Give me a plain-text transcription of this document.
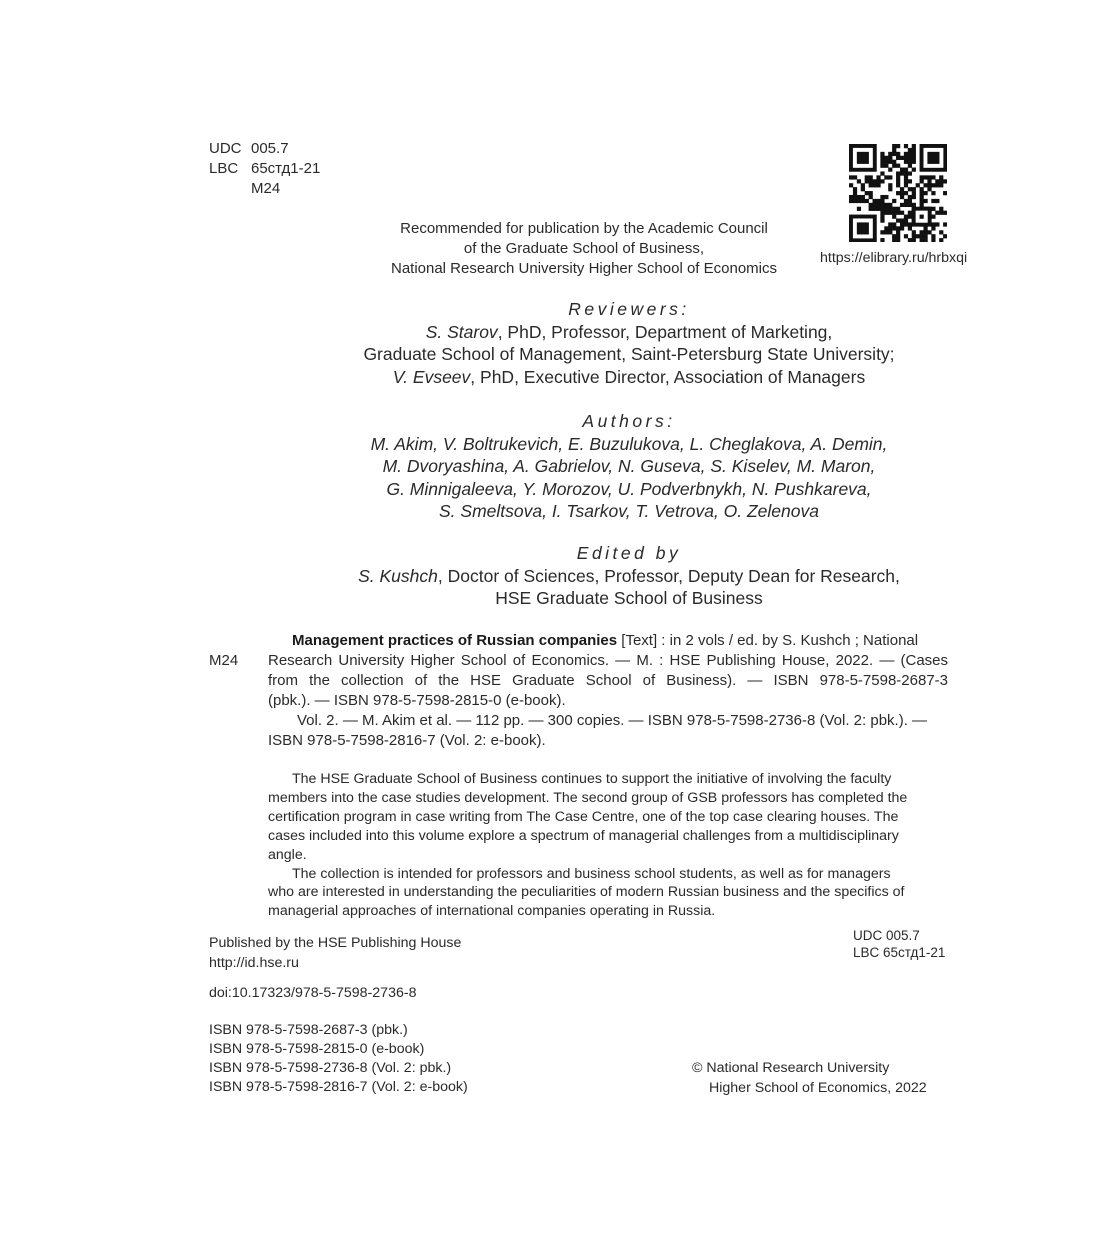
UDC 005.7
LBC 65стд1-21
M24
https://elibrary.ru/hrbxqi
Recommended for publication by the Academic Council
of the Graduate School of Business,
National Research University Higher School of Economics
Reviewers:
S. Starov, PhD, Professor, Department of Marketing,
Graduate School of Management, Saint-Petersburg State University;
V. Evseev, PhD, Executive Director, Association of Managers
Authors:
M. Akim, V. Boltrukevich, E. Buzulukova, L. Cheglakova, A. Demin,
M. Dvoryashina, A. Gabrielov, N. Guseva, S. Kiselev, M. Maron,
G. Minnigaleeva, Y. Morozov, U. Podverbnykh, N. Pushkareva,
S. Smeltsova, I. Tsarkov, T. Vetrova, O. Zelenova
Edited by
S. Kushch, Doctor of Sciences, Professor, Deputy Dean for Research,
HSE Graduate School of Business
M24
Management practices of Russian companies [Text] : in 2 vols / ed. by S. Kushch ; National
Research University Higher School of Economics. — M. : HSE Publishing House, 2022. — (Cases
from the collection of the HSE Graduate School of Business). — ISBN 978-5-7598-2687-3
(pbk.). — ISBN 978-5-7598-2815-0 (e-book).
Vol. 2. — M. Akim et al. — 112 pp. — 300 copies. — ISBN 978-5-7598-2736-8 (Vol. 2: pbk.). —
ISBN 978-5-7598-2816-7 (Vol. 2: e-book).
The HSE Graduate School of Business continues to support the initiative of involving the faculty
members into the case studies development. The second group of GSB professors has completed the
certification program in case writing from The Case Centre, one of the top case clearing houses. The
cases included into this volume explore a spectrum of managerial challenges from a multidisciplinary
angle.
The collection is intended for professors and business school students, as well as for managers
who are interested in understanding the peculiarities of modern Russian business and the specifics of
managerial approaches of international companies operating in Russia.
Published by the HSE Publishing House
http://id.hse.ru
doi:10.17323/978-5-7598-2736-8
ISBN 978-5-7598-2687-3 (pbk.)
ISBN 978-5-7598-2815-0 (e-book)
ISBN 978-5-7598-2736-8 (Vol. 2: pbk.)
ISBN 978-5-7598-2816-7 (Vol. 2: e-book)
UDC 005.7
LBC 65стд1-21
© National Research University
Higher School of Economics, 2022
